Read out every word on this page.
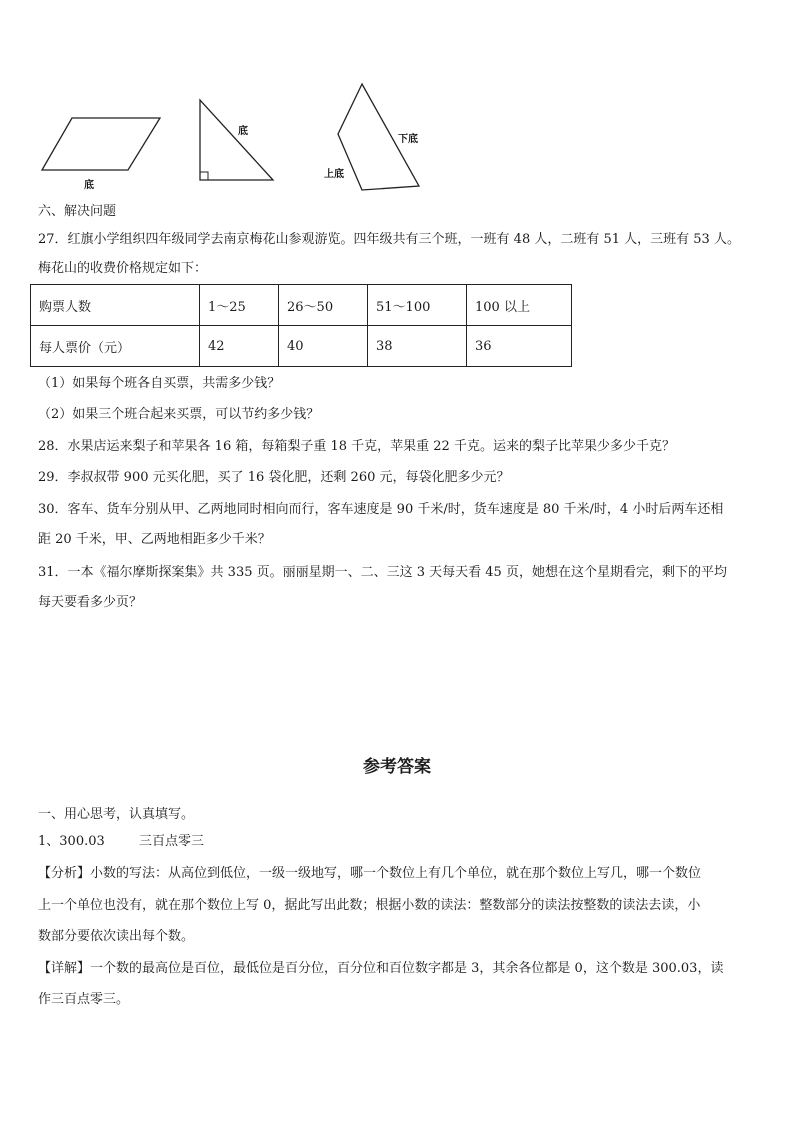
底
底
下底
上底
六、解决问题
27．红旗小学组织四年级同学去南京梅花山参观游览。四年级共有三个班，一班有 48 人，二班有 51 人，三班有 53 人。
梅花山的收费价格规定如下：
购票人数	1～25	26～50	51～100	100 以上
每人票价（元）	42	40	38	36
（1）如果每个班各自买票，共需多少钱？
（2）如果三个班合起来买票，可以节约多少钱？
28．水果店运来梨子和苹果各 16 箱，每箱梨子重 18 千克，苹果重 22 千克。运来的梨子比苹果少多少千克？
29．李叔叔带 900 元买化肥，买了 16 袋化肥，还剩 260 元，每袋化肥多少元？
30．客车、货车分别从甲、乙两地同时相向而行，客车速度是 90 千米/时，货车速度是 80 千米/时，4 小时后两车还相
距 20 千米，甲、乙两地相距多少千米？
31．一本《福尔摩斯探案集》共 335 页。丽丽星期一、二、三这 3 天每天看 45 页，她想在这个星期看完，剩下的平均
每天要看多少页？
参考答案
一、用心思考，认真填写。
1、300.03	三百点零三
【分析】小数的写法：从高位到低位，一级一级地写，哪一个数位上有几个单位，就在那个数位上写几，哪一个数位
上一个单位也没有，就在那个数位上写 0，据此写出此数；根据小数的读法：整数部分的读法按整数的读法去读，小
数部分要依次读出每个数。
【详解】一个数的最高位是百位，最低位是百分位，百分位和百位数字都是 3，其余各位都是 0，这个数是 300.03，读
作三百点零三。
